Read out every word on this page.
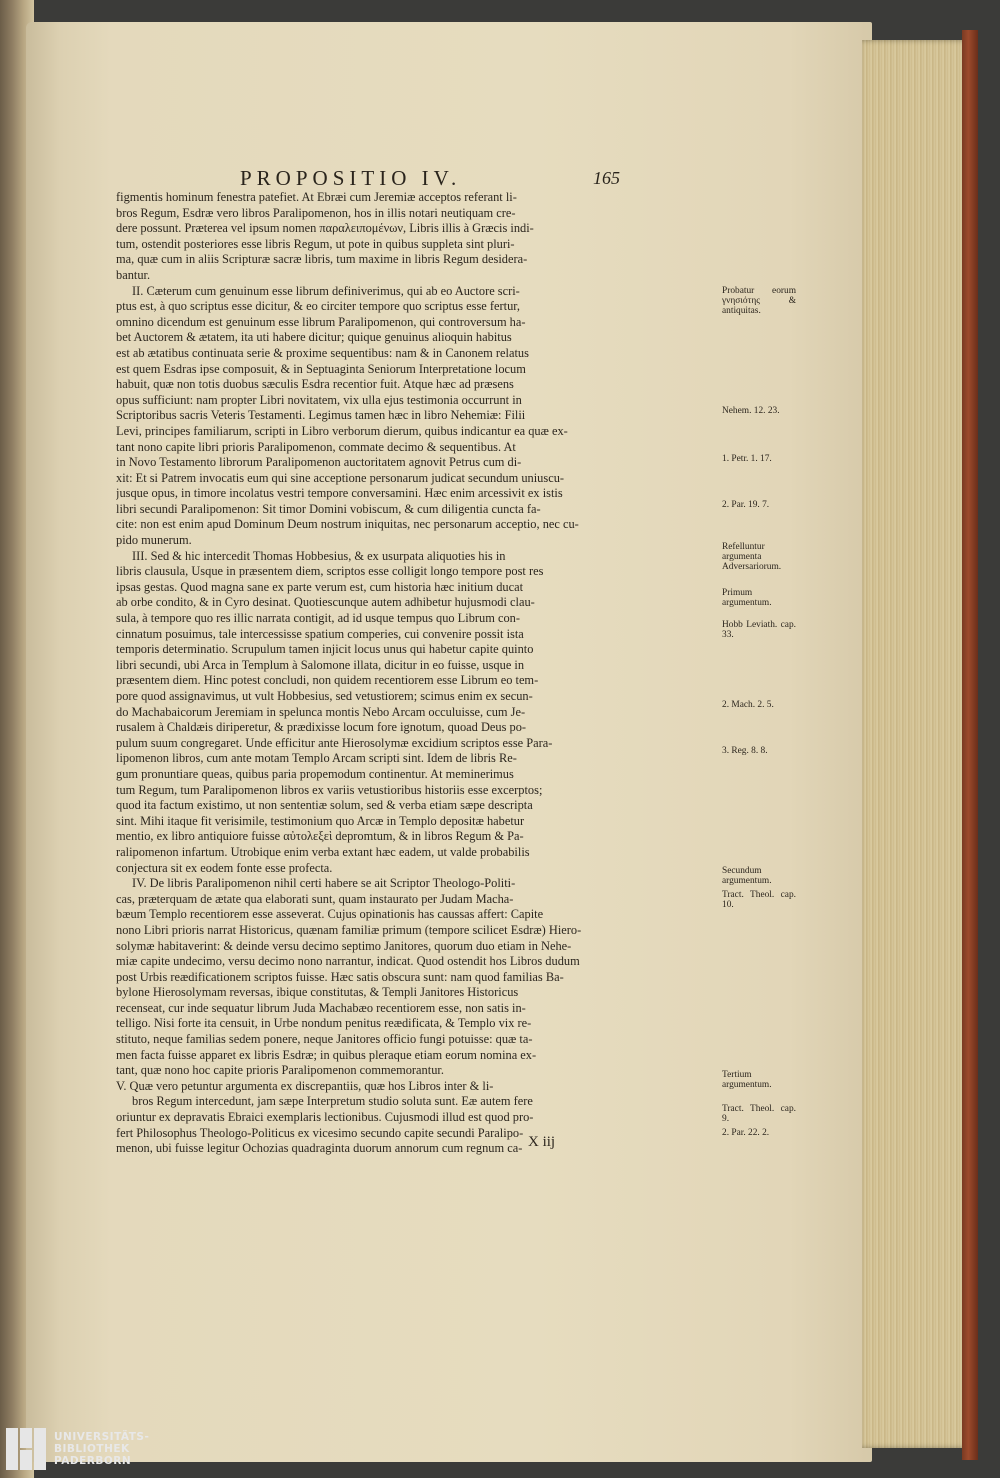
PROPOSITIO IV.	165
figmentis hominum fenestra patefiet. At Ebræi cum Jeremiæ acceptos referant li-
bros Regum, Esdræ vero libros Paralipomenon, hos in illis notari neutiquam cre-
dere possunt. Præterea vel ipsum nomen παραλειπομένων, Libris illis à Græcis indi-
tum, ostendit posteriores esse libris Regum, ut pote in quibus suppleta sint pluri-
ma, quæ cum in aliis Scripturæ sacræ libris, tum maxime in libris Regum desidera-
bantur.
II. Cæterum cum genuinum esse librum definiverimus, qui ab eo Auctore scri-
ptus est, à quo scriptus esse dicitur, & eo circiter tempore quo scriptus esse fertur,
omnino dicendum est genuinum esse librum Paralipomenon, qui controversum ha-
bet Auctorem & ætatem, ita uti habere dicitur; quique genuinus alioquin habitus
est ab ætatibus continuata serie & proxime sequentibus: nam & in Canonem relatus
est quem Esdras ipse composuit, & in Septuaginta Seniorum Interpretatione locum
habuit, quæ non totis duobus sæculis Esdra recentior fuit. Atque hæc ad præsens
opus sufficiunt: nam propter Libri novitatem, vix ulla ejus testimonia occurrunt in
Scriptoribus sacris Veteris Testamenti. Legimus tamen hæc in libro Nehemiæ: Filii
Levi, principes familiarum, scripti in Libro verborum dierum, quibus indicantur ea quæ ex-
tant nono capite libri prioris Paralipomenon, commate decimo & sequentibus. At
in Novo Testamento librorum Paralipomenon auctoritatem agnovit Petrus cum di-
xit: Et si Patrem invocatis eum qui sine acceptione personarum judicat secundum uniuscu-
jusque opus, in timore incolatus vestri tempore conversamini. Hæc enim arcessivit ex istis
libri secundi Paralipomenon: Sit timor Domini vobiscum, & cum diligentia cuncta fa-
cite: non est enim apud Dominum Deum nostrum iniquitas, nec personarum acceptio, nec cu-
pido munerum.
III. Sed & hic intercedit Thomas Hobbesius, & ex usurpata aliquoties his in
libris clausula, Usque in præsentem diem, scriptos esse colligit longo tempore post res
ipsas gestas. Quod magna sane ex parte verum est, cum historia hæc initium ducat
ab orbe condito, & in Cyro desinat. Quotiescunque autem adhibetur hujusmodi clau-
sula, à tempore quo res illic narrata contigit, ad id usque tempus quo Librum con-
cinnatum posuimus, tale intercessisse spatium comperies, cui convenire possit ista
temporis determinatio. Scrupulum tamen injicit locus unus qui habetur capite quinto
libri secundi, ubi Arca in Templum à Salomone illata, dicitur in eo fuisse, usque in
præsentem diem. Hinc potest concludi, non quidem recentiorem esse Librum eo tem-
pore quod assignavimus, ut vult Hobbesius, sed vetustiorem; scimus enim ex secun-
do Machabaicorum Jeremiam in spelunca montis Nebo Arcam occuluisse, cum Je-
rusalem à Chaldæis diriperetur, & prædixisse locum fore ignotum, quoad Deus po-
pulum suum congregaret. Unde efficitur ante Hierosolymæ excidium scriptos esse Para-
lipomenon libros, cum ante motam Templo Arcam scripti sint. Idem de libris Re-
gum pronuntiare queas, quibus paria propemodum continentur. At meminerimus
tum Regum, tum Paralipomenon libros ex variis vetustioribus historiis esse excerptos;
quod ita factum existimo, ut non sententiæ solum, sed & verba etiam sæpe descripta
sint. Mihi itaque fit verisimile, testimonium quo Arcæ in Templo depositæ habetur
mentio, ex libro antiquiore fuisse αὐτολεξεὶ depromtum, & in libros Regum & Pa-
ralipomenon infartum. Utrobique enim verba extant hæc eadem, ut valde probabilis
conjectura sit ex eodem fonte esse profecta.
IV. De libris Paralipomenon nihil certi habere se ait Scriptor Theologo-Politi-
cas, præterquam de ætate qua elaborati sunt, quam instaurato per Judam Macha-
bæum Templo recentiorem esse asseverat. Cujus opinationis has caussas affert: Capite
nono Libri prioris narrat Historicus, quænam familiæ primum (tempore scilicet Esdræ) Hiero-
solymæ habitaverint: & deinde versu decimo septimo Janitores, quorum duo etiam in Nehe-
miæ capite undecimo, versu decimo nono narrantur, indicat. Quod ostendit hos Libros dudum
post Urbis reædificationem scriptos fuisse. Hæc satis obscura sunt: nam quod familias Ba-
bylone Hierosolymam reversas, ibique constitutas, & Templi Janitores Historicus
recenseat, cur inde sequatur librum Juda Machabæo recentiorem esse, non satis in-
telligo. Nisi forte ita censuit, in Urbe nondum penitus reædificata, & Templo vix re-
stituto, neque familias sedem ponere, neque Janitores officio fungi potuisse: quæ ta-
men facta fuisse apparet ex libris Esdræ; in quibus pleraque etiam eorum nomina ex-
tant, quæ nono hoc capite prioris Paralipomenon commemorantur.
V. Quæ vero petuntur argumenta ex discrepantiis, quæ hos Libros inter & li-
bros Regum intercedunt, jam sæpe Interpretum studio soluta sunt. Eæ autem fere
oriuntur ex depravatis Ebraici exemplaris lectionibus. Cujusmodi illud est quod pro-
fert Philosophus Theologo-Politicus ex vicesimo secundo capite secundi Paralipo-
menon, ubi fuisse legitur Ochozias quadraginta duorum annorum cum regnum ca-
Probatur eorum γνησιότης & antiquitas.
Nehem. 12. 23.
1. Petr. 1. 17.
2. Par. 19. 7.
Refelluntur argumenta Adversariorum.
Primum argumentum.
Hobb Leviath. cap. 33.
2. Mach. 2. 5.
3. Reg. 8. 8.
Secundum argumentum.
Tract. Theol. cap. 10.
Tertium argumentum.
Tract. Theol. cap. 9.
2. Par. 22. 2.
X iij
UNIVERSITÄTS-
BIBLIOTHEK
PADERBORN
